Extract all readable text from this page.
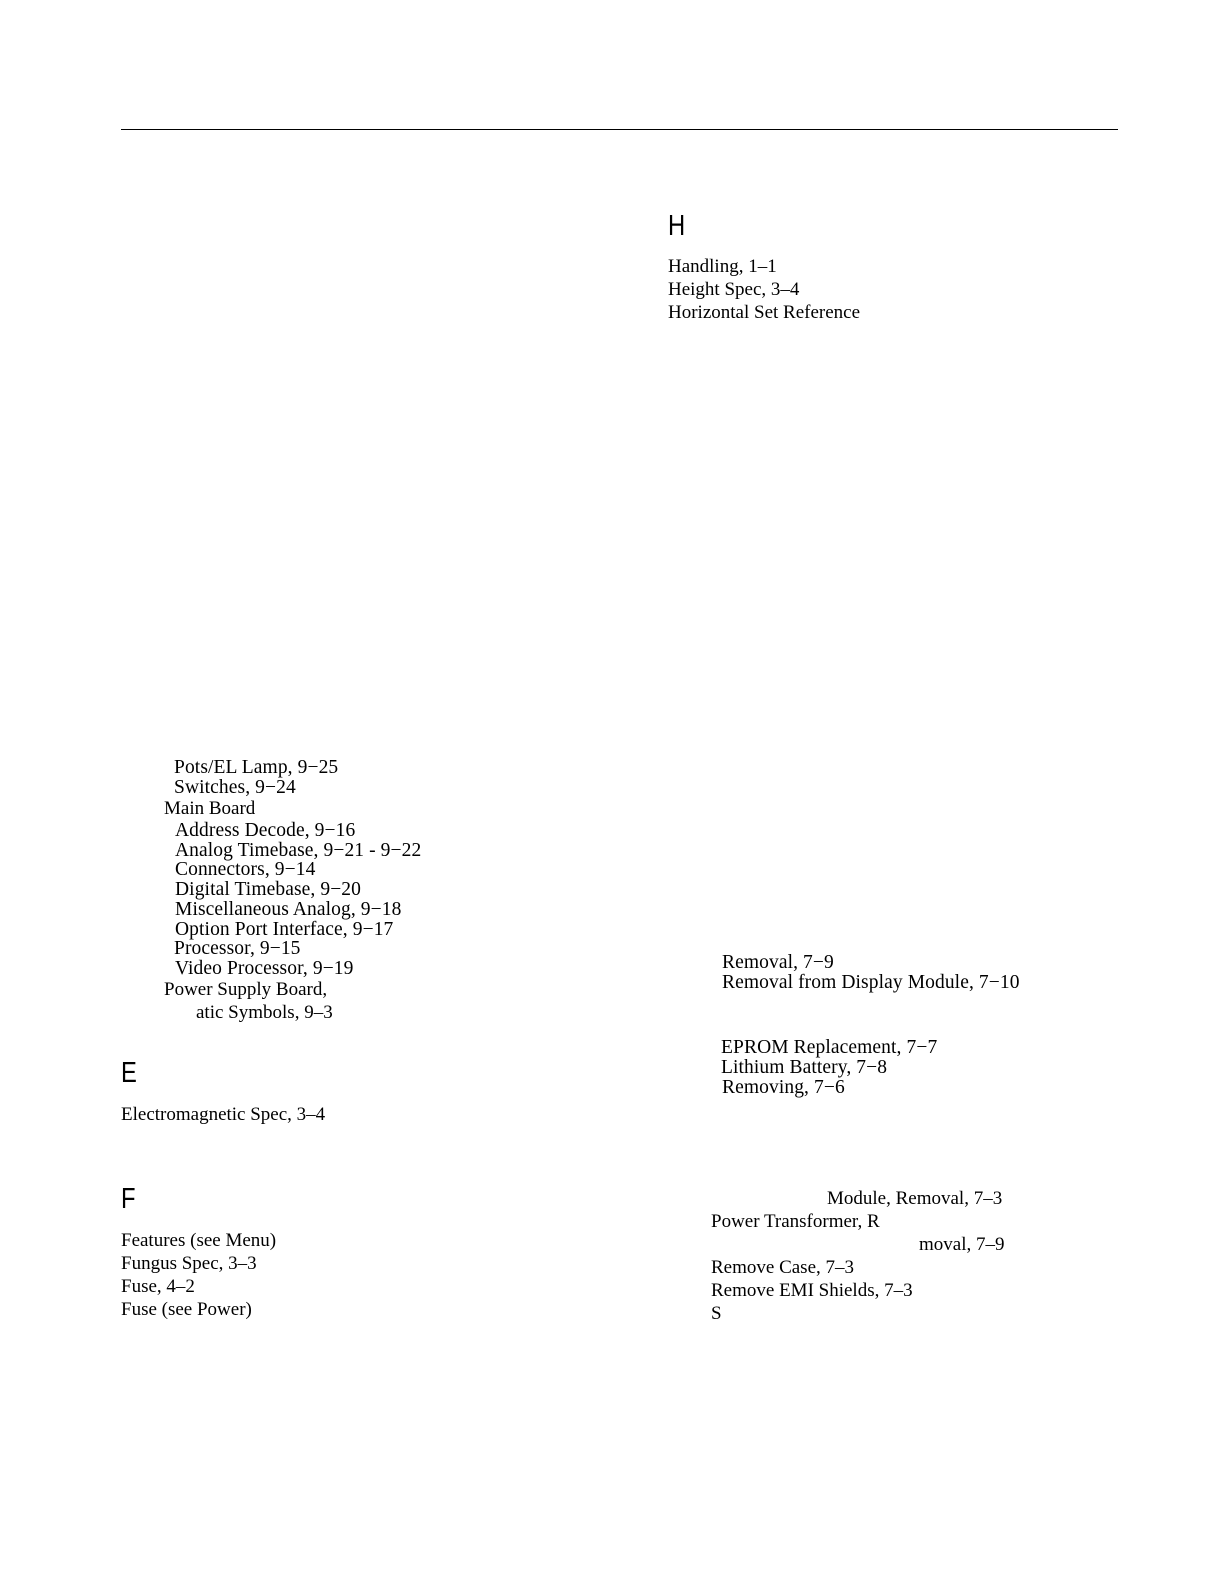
H
Handling, 1–1
Height Spec, 3–4
Horizontal Set Reference
Pots/EL Lamp, 9−25
Switches, 9−24
Main Board
Address Decode, 9−16
Analog Timebase, 9−21 - 9−22
Connectors, 9−14
Digital Timebase, 9−20
Miscellaneous Analog, 9−18
Option Port Interface, 9−17
Processor, 9−15
Video Processor, 9−19
Power Supply Board,
atic Symbols, 9–3
E
Electromagnetic Spec, 3–4
F
Features (see Menu)
Fungus Spec, 3–3
Fuse, 4–2
Fuse (see Power)
Removal, 7−9
Removal from Display Module, 7−10
EPROM Replacement, 7−7
Lithium Battery, 7−8
Removing, 7−6
Module, Removal, 7–3
Power Transformer, R
moval, 7–9
Remove Case, 7–3
Remove EMI Shields, 7–3
S
